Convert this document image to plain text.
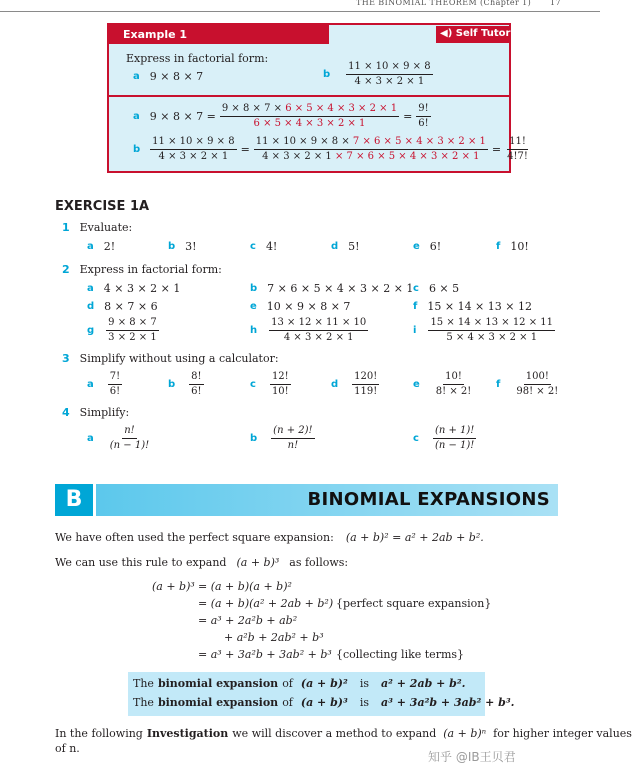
THE BINOMIAL THEOREM (Chapter 1) 17
Example 1	◀) Self Tutor
Express in factorial form:
a 9 × 8 × 7	b $\frac{11 \times 10 \times 9 \times 8}{4 \times 3 \times 2 \times 1}$
a $9 \times 8 \times 7 = \frac{9 \times 8 \times 7 \times 6 \times 5 \times 4 \times 3 \times 2 \times 1}{6 \times 5 \times 4 \times 3 \times 2 \times 1} = \frac{9!}{6!}$
b $\frac{11 \times 10 \times 9 \times 8}{4 \times 3 \times 2 \times 1} = \frac{11 \times 10 \times 9 \times 8 \times 7 \times 6 \times 5 \times 4 \times 3 \times 2 \times 1}{4 \times 3 \times 2 \times 1 \times 7 \times 6 \times 5 \times 4 \times 3 \times 2 \times 1} = \frac{11!}{4!7!}$
EXERCISE 1A
1 Evaluate:
a 2!	b 3!	c 4!	d 5!	e 6!	f 10!
2 Express in factorial form:
a 4 × 3 × 2 × 1	b 7 × 6 × 5 × 4 × 3 × 2 × 1 c 6 × 5
d 8 × 7 × 6	e 10 × 9 × 8 × 7	f 15 × 14 × 13 × 12
g $\frac{9 \times 8 \times 7}{3 \times 2 \times 1}$	h $\frac{13 \times 12 \times 11 \times 10}{4 \times 3 \times 2 \times 1}$	i $\frac{15 \times 14 \times 13 \times 12 \times 11}{5 \times 4 \times 3 \times 2 \times 1}$
3 Simplify without using a calculator:
a $\frac{7!}{6!}$	b $\frac{8!}{6!}$	c $\frac{12!}{10!}$	d $\frac{120!}{119!}$	e $\frac{10!}{8! \times 2!}$ f $\frac{100!}{98! \times 2!}$
4 Simplify:
a $\frac{n!}{(n - 1)!}$	b $\frac{(n + 2)!}{n!}$	c $\frac{(n + 1)!}{(n - 1)!}$
B	BINOMIAL EXPANSIONS
We have often used the perfect square expansion: (a + b)² = a² + 2ab + b².
We can use this rule to expand (a + b)³ as follows:
(a + b)³ = (a + b)(a + b)²
= (a + b)(a² + 2ab + b²) {perfect square expansion}
= a³ + 2a²b + ab²
+ a²b + 2ab² + b³
= a³ + 3a²b + 3ab² + b³ {collecting like terms}
The binomial expansion of (a + b)² is a² + 2ab + b².
The binomial expansion of (a + b)³ is a³ + 3a²b + 3ab² + b³.
In the following Investigation we will discover a method to expand (a + b)ⁿ for higher integer values
of n.
知乎 @IB王贝君
